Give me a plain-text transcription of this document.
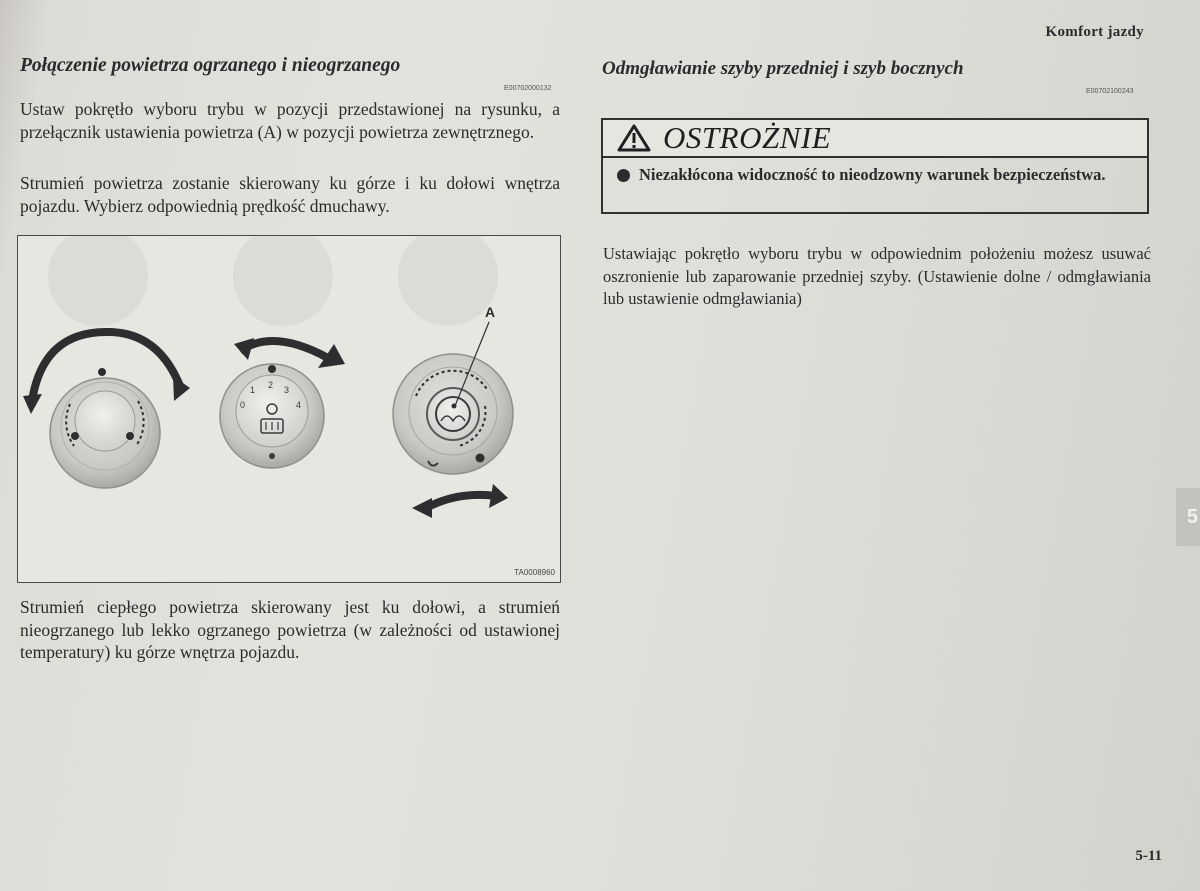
Komfort jazdy
5
5-11
Połączenie powietrza ogrzanego i nieogrzanego
E00702000132
Ustaw pokrętło wyboru trybu w pozycji przedstawionej na rysunku, a przełącznik ustawienia powietrza (A) w pozycji powietrza zewnętrznego.
Strumień powietrza zostanie skierowany ku górze i ku dołowi wnętrza pojazdu. Wybierz odpowiednią prędkość dmuchawy.
0
1 2 3
4
A
TA0008960
Strumień ciepłego powietrza skierowany jest ku dołowi, a strumień nieogrzanego lub lekko ogrzanego powietrza (w zależności od ustawionej temperatury) ku górze wnętrza pojazdu.
Odmgławianie szyby przedniej i szyb bocznych
E00702100243
OSTROŻNIE
Niezakłócona widoczność to nieodzowny warunek bezpieczeństwa.
Ustawiając pokrętło wyboru trybu w odpowiednim położeniu możesz usuwać oszronienie lub zaparowanie przedniej szyby. (Ustawienie dolne / odmgławiania lub ustawienie odmgławiania)
